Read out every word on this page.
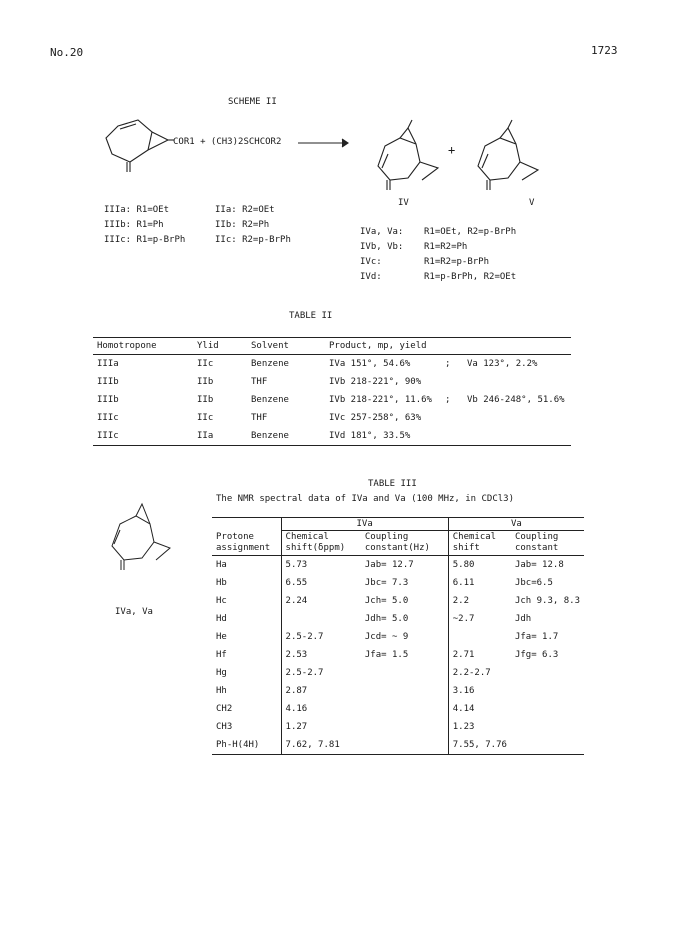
No.20	1723
SCHEME II
COR1 + (CH3)2SCHCOR2
+
IV	V
IIIa: R1=OEt
IIIb: R1=Ph
IIIc: R1=p-BrPh
IIa: R2=OEt
IIb: R2=Ph
IIc: R2=p-BrPh
IVa, Va: R1=OEt, R2=p-BrPh
IVb, Vb: R1=R2=Ph
IVc:	R1=R2=p-BrPh
IVd:	R1=p-BrPh, R2=OEt
TABLE II
Homotropone	Ylid	Solvent	Product, mp, yield		
IIIa	IIc	Benzene	IVa 151°, 54.6%	;	Va 123°, 2.2%
IIIb	IIb	THF	IVb 218-221°, 90%		
IIIb	IIb	Benzene	IVb 218-221°, 11.6%	;	Vb 246-248°, 51.6%
IIIc	IIc	THF	IVc 257-258°, 63%		
IIIc	IIa	Benzene	IVd 181°, 33.5%		
TABLE III
The NMR spectral data of IVa and Va (100 MHz, in CDCl3)
IVa, Va
	IVa		Va	
Protone assignment	Chemical shift(δppm)	Coupling constant(Hz)	Chemical shift	Coupling constant
Ha	5.73	Jab= 12.7	5.80	Jab= 12.8
Hb	6.55	Jbc= 7.3	6.11	Jbc=6.5
Hc	2.24	Jch= 5.0	2.2	Jch 9.3, 8.3
Hd		Jdh= 5.0	~2.7	Jdh
He	2.5-2.7	Jcd= ~ 9		Jfa= 1.7
Hf	2.53	Jfa= 1.5	2.71	Jfg= 6.3
Hg	2.5-2.7		2.2-2.7	
Hh	2.87		3.16	
CH2	4.16		4.14	
CH3	1.27		1.23	
Ph-H(4H)	7.62, 7.81		7.55, 7.76	
